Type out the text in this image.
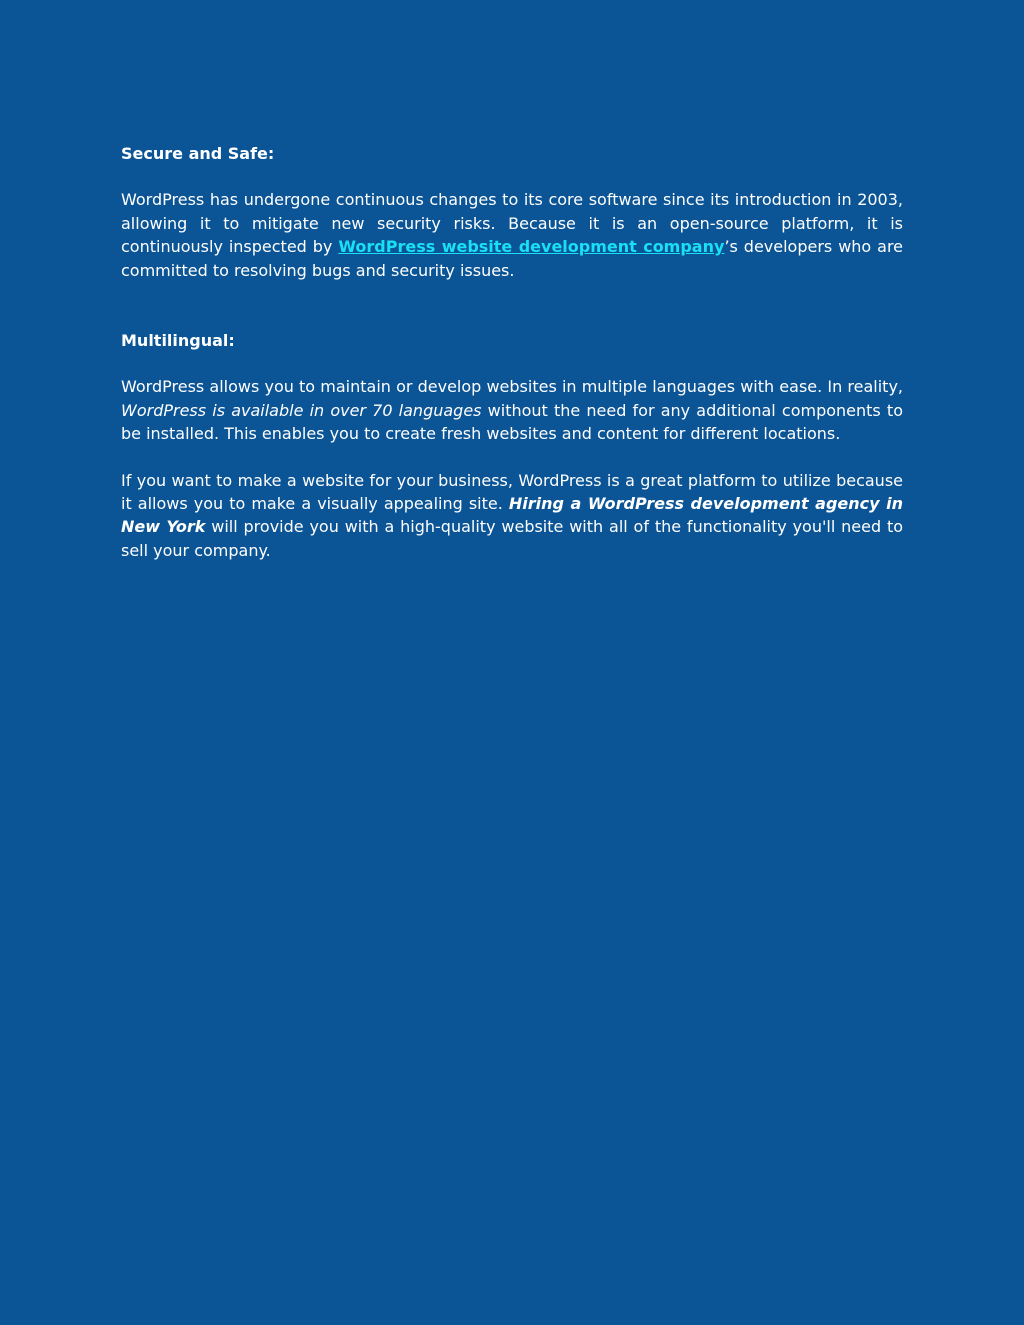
Secure and Safe:

WordPress has undergone continuous changes to its core software since its introduction in 2003, allowing it to mitigate new security risks. Because it is an open-source platform, it is continuously inspected by WordPress website development company’s developers who are committed to resolving bugs and security issues.

Multilingual:

WordPress allows you to maintain or develop websites in multiple languages with ease. In reality, WordPress is available in over 70 languages without the need for any additional components to be installed. This enables you to create fresh websites and content for different locations.

If you want to make a website for your business, WordPress is a great platform to utilize because it allows you to make a visually appealing site. Hiring a WordPress development agency in New York will provide you with a high-quality website with all of the functionality you'll need to sell your company.
